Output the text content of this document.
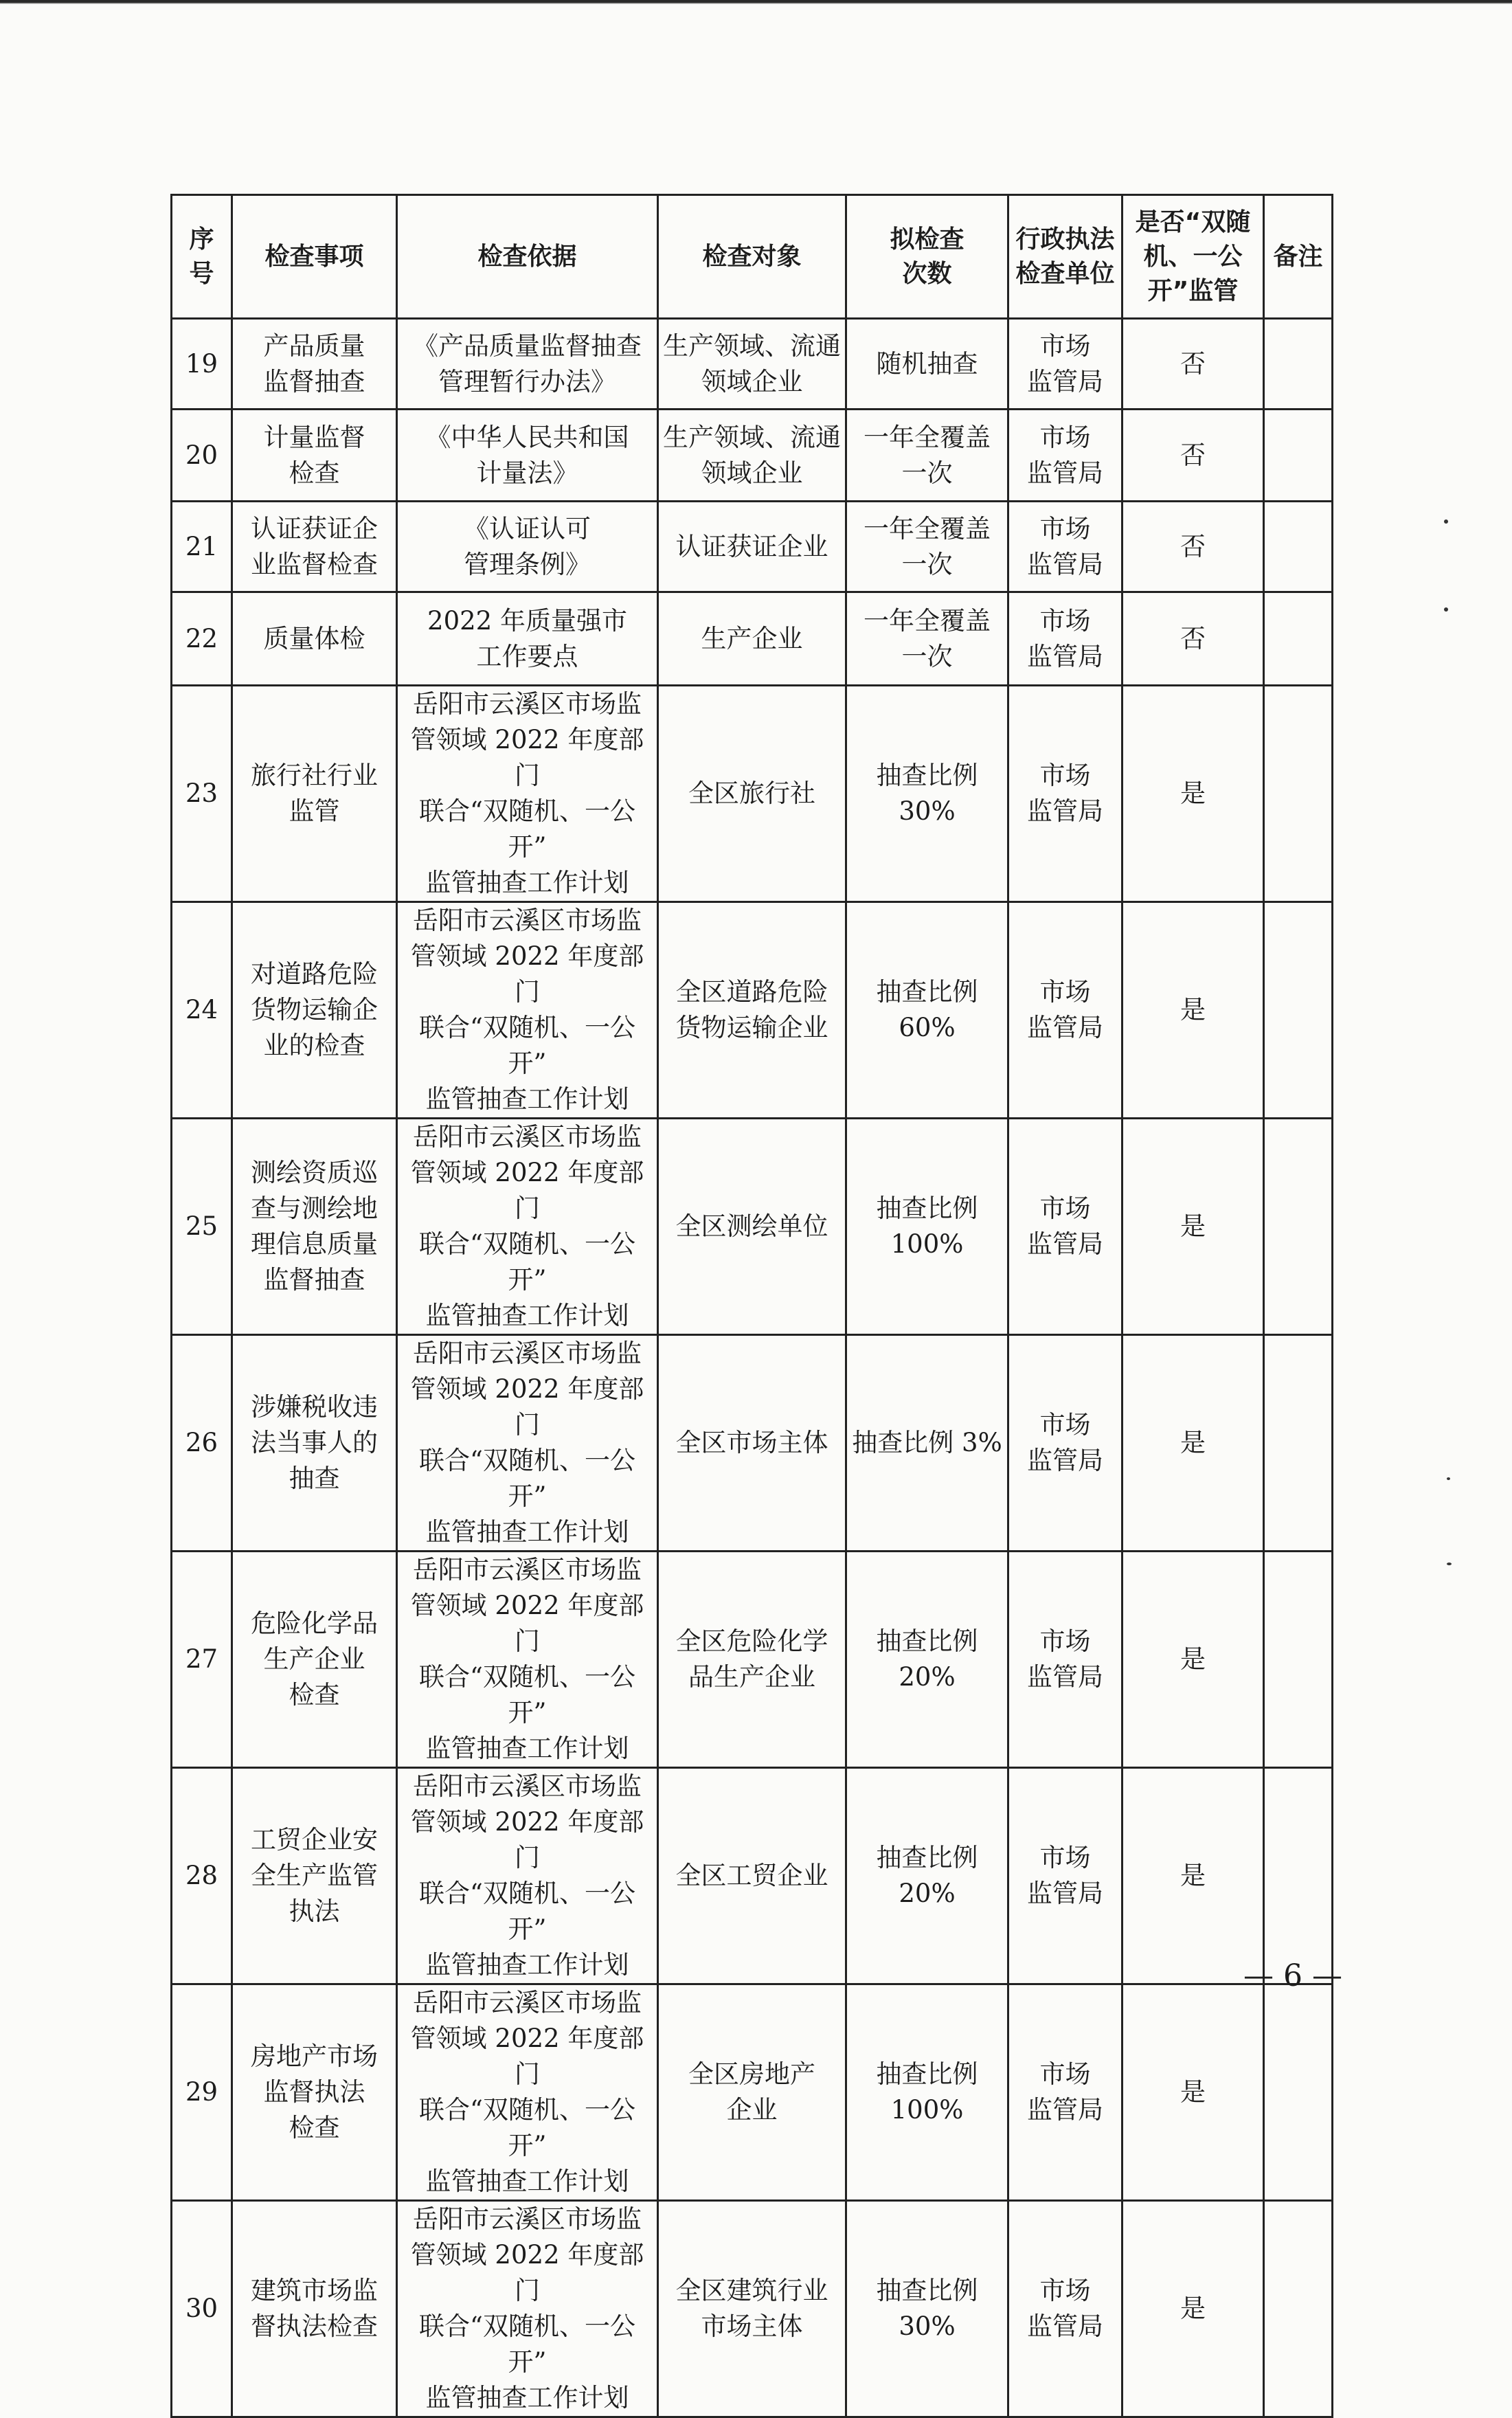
序
号	检查事项	检查依据	检查对象	拟检查
次数	行政执法
检查单位	是否“双随
机、一公
开”监管	备注
19	产品质量
监督抽查	《产品质量监督抽查
管理暂行办法》	生产领域、流通
领域企业	随机抽查	市场
监管局	否	
20	计量监督
检查	《中华人民共和国
计量法》	生产领域、流通
领域企业	一年全覆盖
一次	市场
监管局	否	
21	认证获证企
业监督检查	《认证认可
管理条例》	认证获证企业	一年全覆盖
一次	市场
监管局	否	
22	质量体检	2022 年质量强市
工作要点	生产企业	一年全覆盖
一次	市场
监管局	否	
23	旅行社行业
监管	岳阳市云溪区市场监
管领域 2022 年度部门
联合“双随机、一公开”
监管抽查工作计划	全区旅行社	抽查比例 30%	市场
监管局	是	
24	对道路危险
货物运输企
业的检查	岳阳市云溪区市场监
管领域 2022 年度部门
联合“双随机、一公开”
监管抽查工作计划	全区道路危险
货物运输企业	抽查比例 60%	市场
监管局	是	
25	测绘资质巡
查与测绘地
理信息质量
监督抽查	岳阳市云溪区市场监
管领域 2022 年度部门
联合“双随机、一公开”
监管抽查工作计划	全区测绘单位	抽查比例
100%	市场
监管局	是	
26	涉嫌税收违
法当事人的
抽查	岳阳市云溪区市场监
管领域 2022 年度部门
联合“双随机、一公开”
监管抽查工作计划	全区市场主体	抽查比例 3%	市场
监管局	是	
27	危险化学品
生产企业
检查	岳阳市云溪区市场监
管领域 2022 年度部门
联合“双随机、一公开”
监管抽查工作计划	全区危险化学
品生产企业	抽查比例 20%	市场
监管局	是	
28	工贸企业安
全生产监管
执法	岳阳市云溪区市场监
管领域 2022 年度部门
联合“双随机、一公开”
监管抽查工作计划	全区工贸企业	抽查比例 20%	市场
监管局	是	
29	房地产市场
监督执法
检查	岳阳市云溪区市场监
管领域 2022 年度部门
联合“双随机、一公开”
监管抽查工作计划	全区房地产
企业	抽查比例
100%	市场
监管局	是	
30	建筑市场监
督执法检查	岳阳市云溪区市场监
管领域 2022 年度部门
联合“双随机、一公开”
监管抽查工作计划	全区建筑行业
市场主体	抽查比例 30%	市场
监管局	是	
— 6 —
